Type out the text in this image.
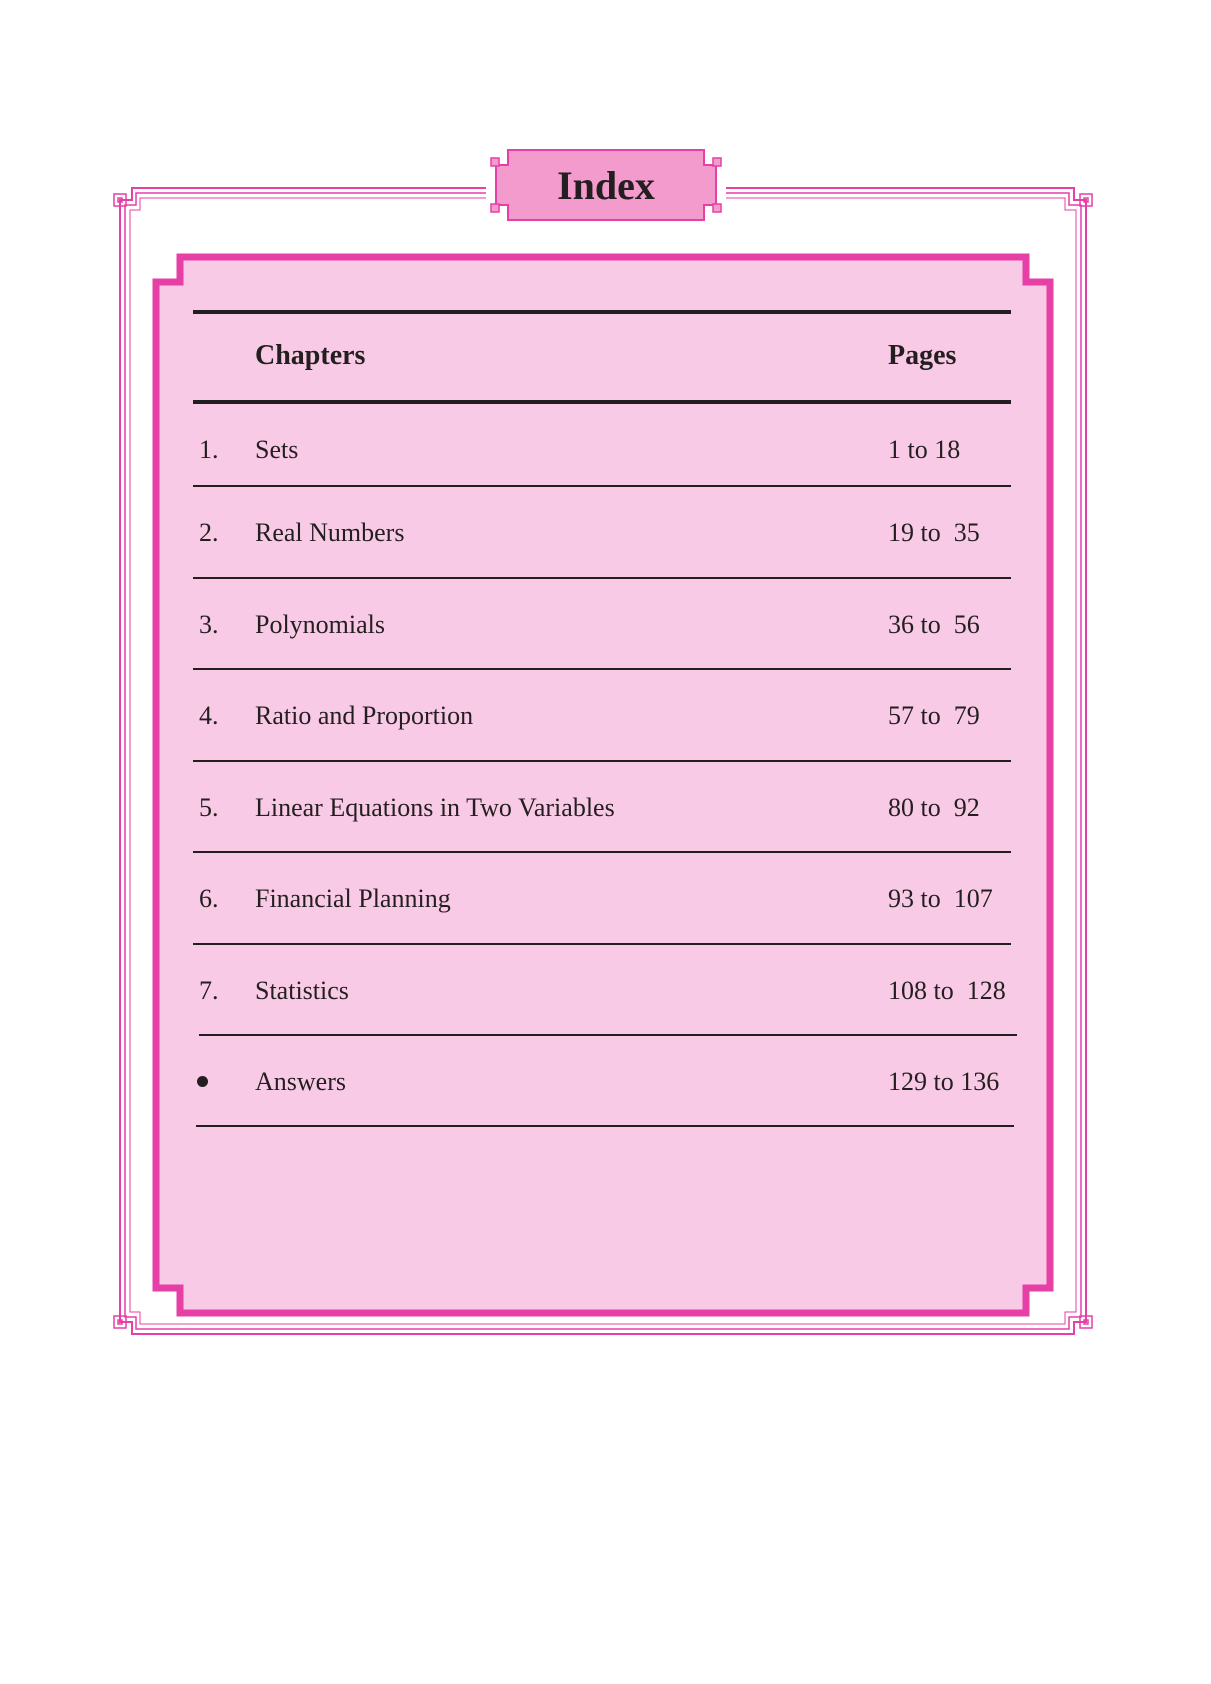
Index
Chapters	Pages
1. Sets	1 to 18
2. Real Numbers	19 to  35
3. Polynomials	36 to  56
4. Ratio and Proportion	57 to  79
5. Linear Equations in Two Variables	80 to  92
6. Financial Planning	93 to  107
7. Statistics	108 to  128
Answers	129 to 136
